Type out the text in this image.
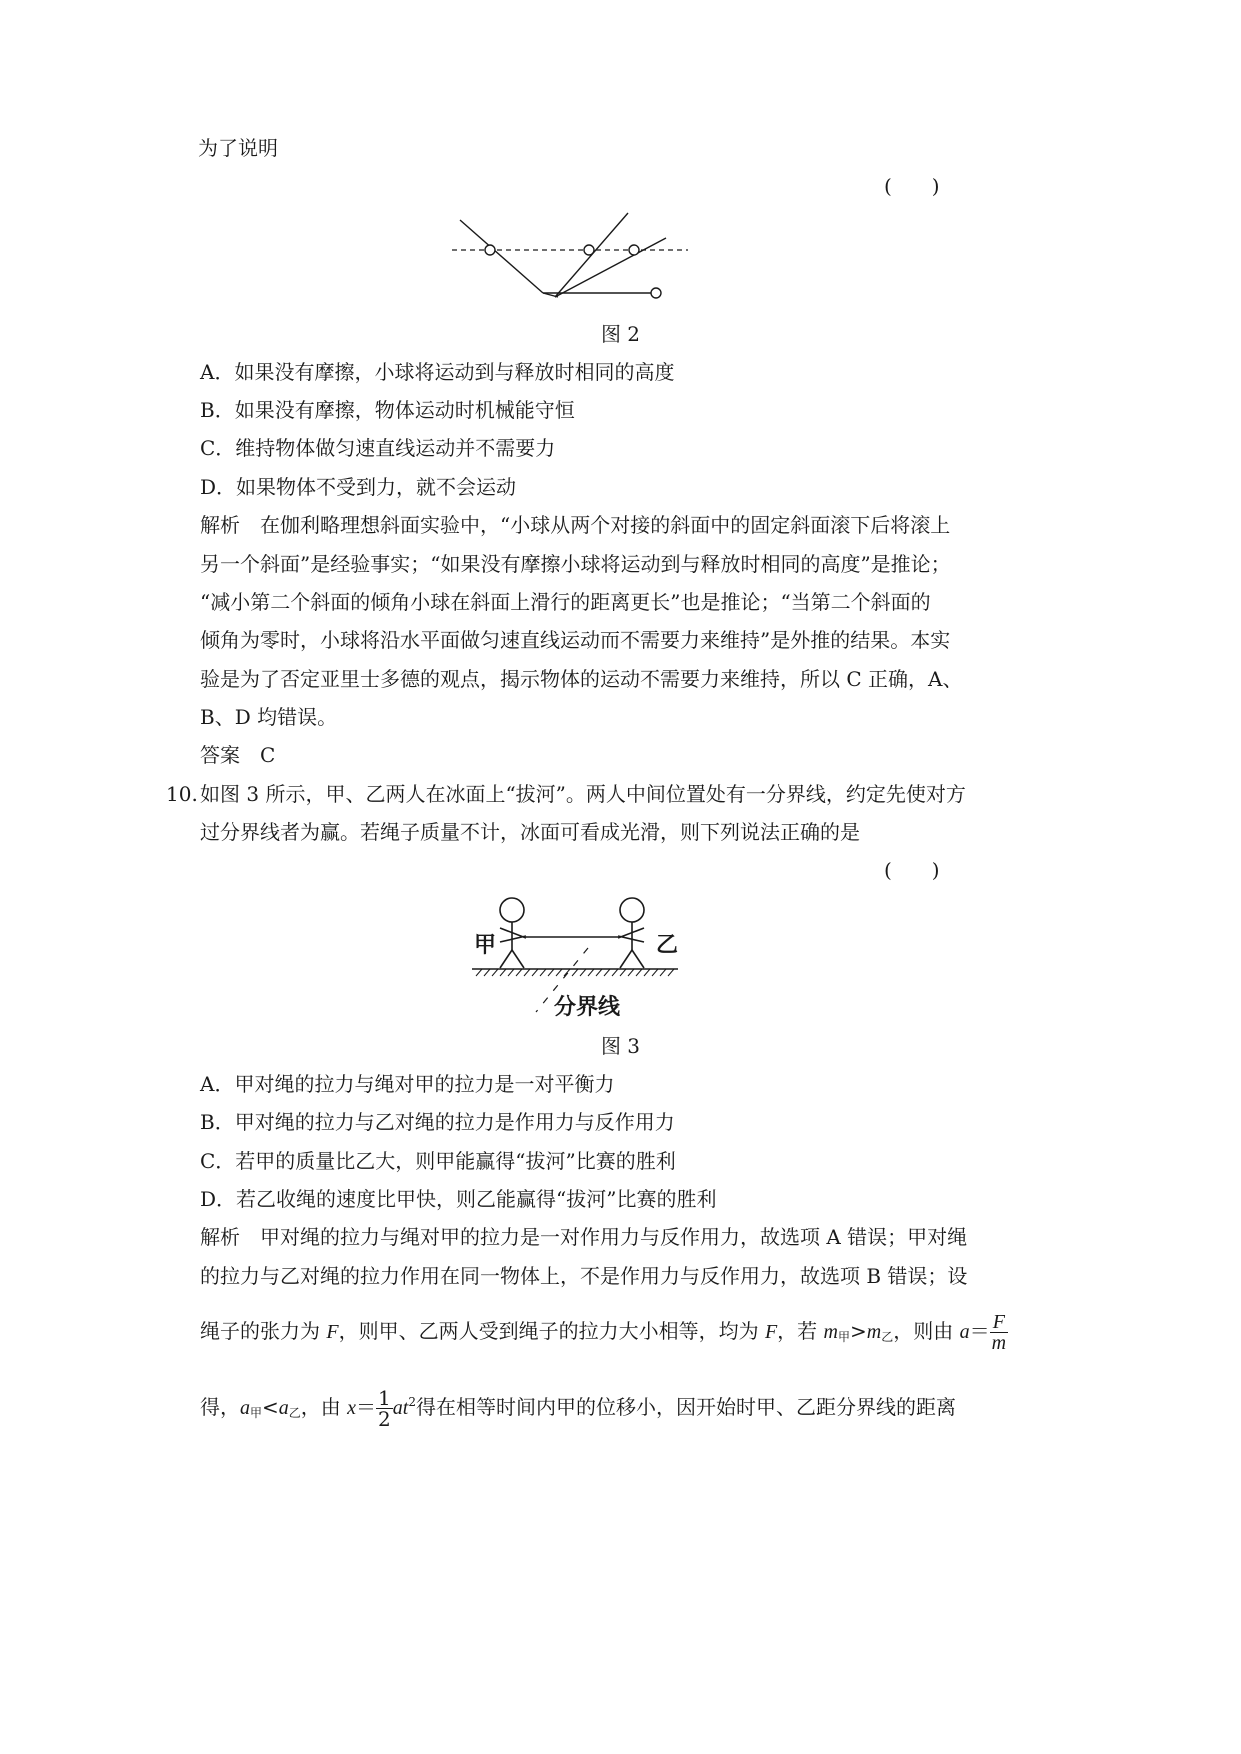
为了说明
(　　)
图 2
A．如果没有摩擦，小球将运动到与释放时相同的高度
B．如果没有摩擦，物体运动时机械能守恒
C．维持物体做匀速直线运动并不需要力
D．如果物体不受到力，就不会运动
解析　在伽利略理想斜面实验中，“小球从两个对接的斜面中的固定斜面滚下后将滚上
另一个斜面”是经验事实；“如果没有摩擦小球将运动到与释放时相同的高度”是推论；
“减小第二个斜面的倾角小球在斜面上滑行的距离更长”也是推论；“当第二个斜面的
倾角为零时，小球将沿水平面做匀速直线运动而不需要力来维持”是外推的结果。本实
验是为了否定亚里士多德的观点，揭示物体的运动不需要力来维持，所以 C 正确，A、
B、D 均错误。
答案　C
10. 如图 3 所示，甲、乙两人在冰面上“拔河”。两人中间位置处有一分界线，约定先使对方
过分界线者为赢。若绳子质量不计，冰面可看成光滑，则下列说法正确的是
(　　)
甲	乙
分界线
图 3
A．甲对绳的拉力与绳对甲的拉力是一对平衡力
B．甲对绳的拉力与乙对绳的拉力是作用力与反作用力
C．若甲的质量比乙大，则甲能赢得“拔河”比赛的胜利
D．若乙收绳的速度比甲快，则乙能赢得“拔河”比赛的胜利
解析　甲对绳的拉力与绳对甲的拉力是一对作用力与反作用力，故选项 A 错误；甲对绳
的拉力与乙对绳的拉力作用在同一物体上，不是作用力与反作用力，故选项 B 错误；设
绳子的张力为 F，则甲、乙两人受到绳子的拉力大小相等，均为 F，若 $m_甲>m_乙$，则由 $a= \frac{F}{m}$
得，$a_甲<a_乙$，由 $x= \frac{1}{2} at^2$得在相等时间内甲的位移小，因开始时甲、乙距分界线的距离
